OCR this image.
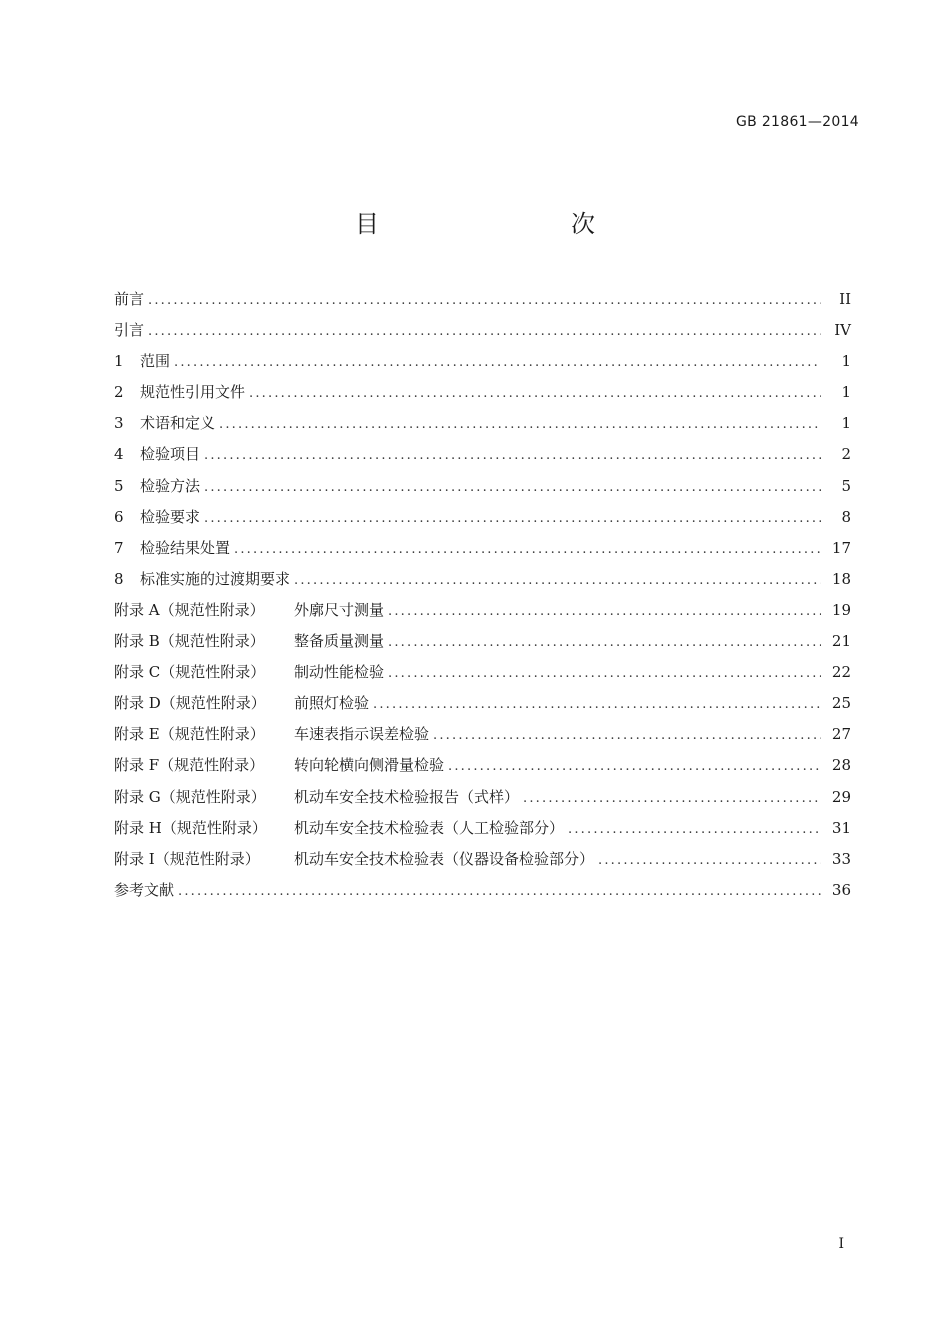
GB 21861—2014
目　　次
前言 .....	II
引言 .....	IV
1	范围 .....	1
2	规范性引用文件 .....	1
3	术语和定义 .....	1
4	检验项目 .....	2
5	检验方法 .....	5
6	检验要求 .....	8
7	检验结果处置 .....	17
8	标准实施的过渡期要求 .....	18
附录 A（规范性附录）	外廓尺寸测量 .....	19
附录 B（规范性附录）	整备质量测量 .....	21
附录 C（规范性附录）	制动性能检验 .....	22
附录 D（规范性附录）	前照灯检验 .....	25
附录 E（规范性附录）	车速表指示误差检验 .....	27
附录 F（规范性附录）	转向轮横向侧滑量检验 .....	28
附录 G（规范性附录）	机动车安全技术检验报告（式样） .....	29
附录 H（规范性附录）	机动车安全技术检验表（人工检验部分） .....	31
附录 I（规范性附录）	机动车安全技术检验表（仪器设备检验部分） .....	33
参考文献 .....	36
I
